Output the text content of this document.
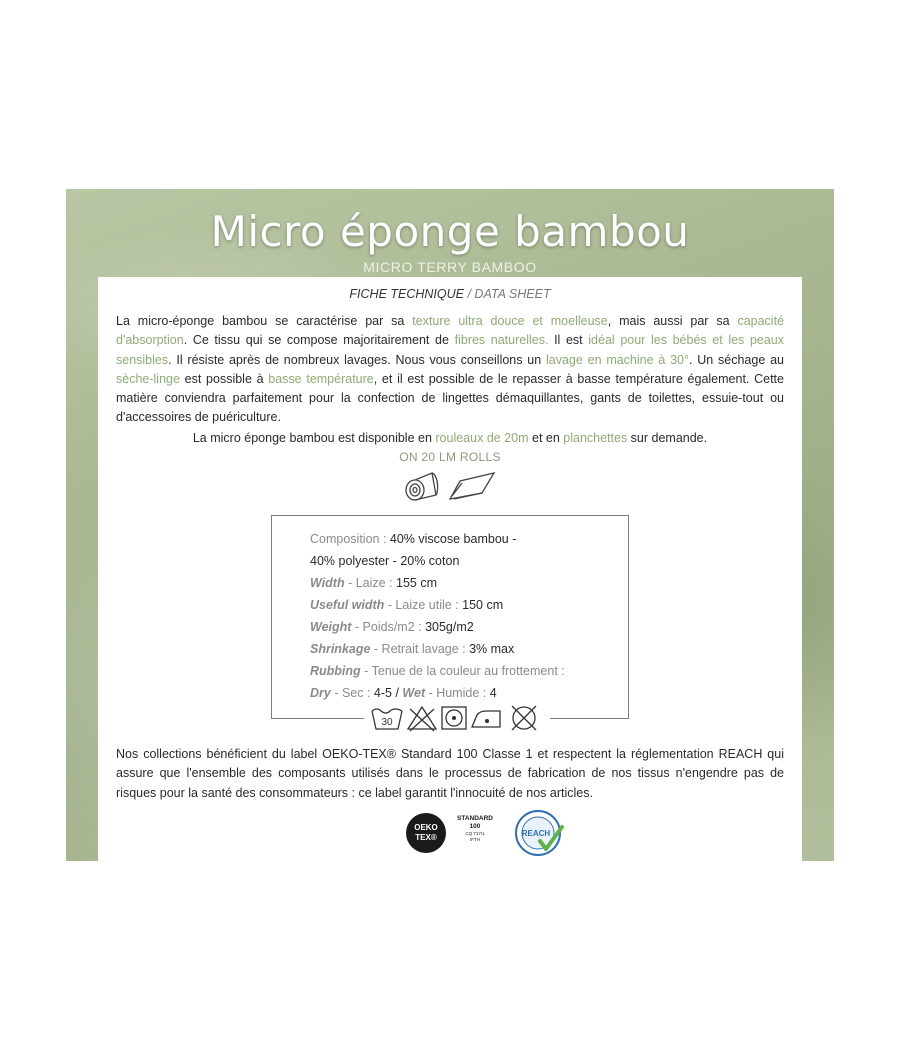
Micro éponge bambou
MICRO TERRY BAMBOO
FICHE TECHNIQUE / DATA SHEET
La micro-éponge bambou se caractérise par sa texture ultra douce et moelleuse, mais aussi par sa capacité d'absorption. Ce tissu qui se compose majoritairement de fibres naturelles. Il est idéal pour les bébés et les peaux sensibles. Il résiste après de nombreux lavages. Nous vous conseillons un lavage en machine à 30°. Un séchage au sèche-linge est possible à basse température, et il est possible de le repasser à basse température également. Cette matière conviendra parfaitement pour la confection de lingettes démaquillantes, gants de toilettes, essuie-tout ou d'accessoires de puériculture.
La micro éponge bambou est disponible en rouleaux de 20m et en planchettes sur demande.
ON 20 LM ROLLS
Composition : 40% viscose bambou -
40% polyester - 20% coton
Width - Laize : 155 cm
Useful width - Laize utile : 150 cm
Weight - Poids/m2 : 305g/m2
Shrinkage - Retrait lavage : 3% max
Rubbing - Tenue de la couleur au frottement :
Dry - Sec : 4-5 / Wet - Humide : 4
30
Nos collections bénéficient du label OEKO-TEX® Standard 100 Classe 1 et respectent la réglementation REACH qui assure que l'ensemble des composants utilisés dans le processus de fabrication de nos tissus n'engendre pas de risques pour la santé des consommateurs : ce label garantit l'innocuité de nos articles.
OEKO
TEX®
STANDARD
100
CQ 717/1
IFTH
REACH
